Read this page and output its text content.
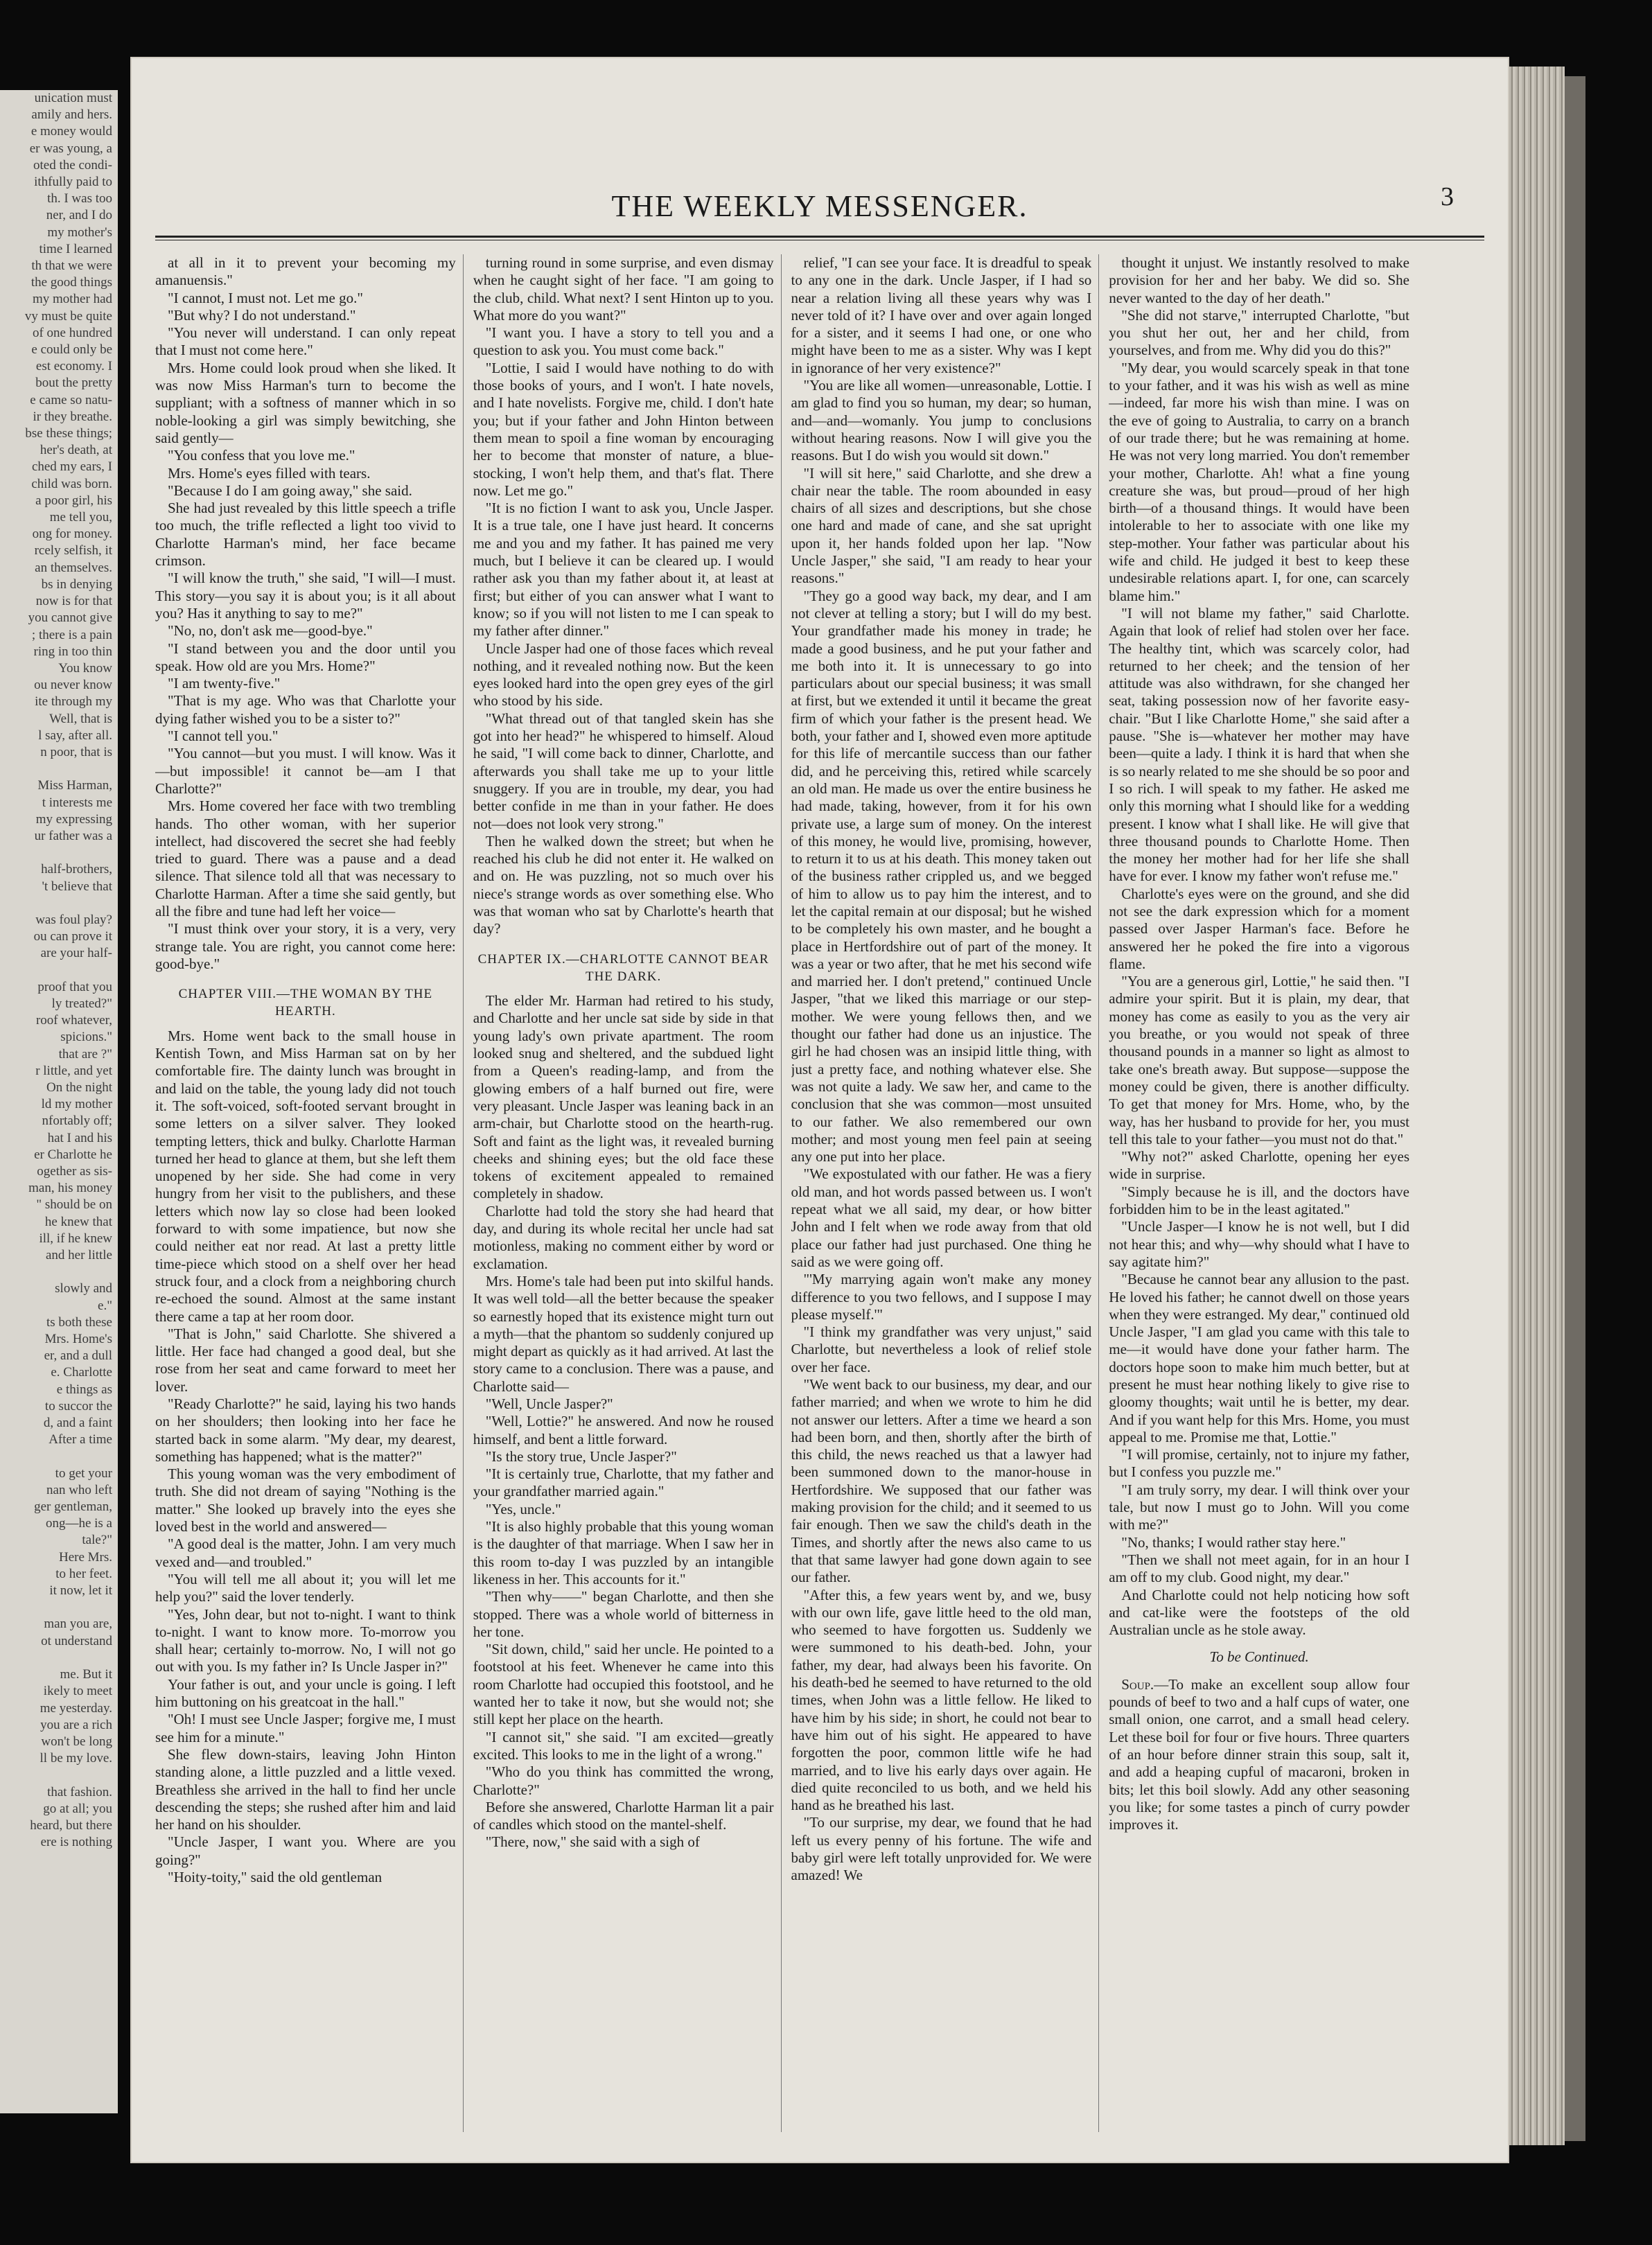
unication must
amily and hers.
e money would
er was young, a
oted the condi-
ithfully paid to
th. I was too
ner, and I do
my mother's
time I learned
th that we were
the good things
my mother had
vy must be quite
of one hundred
e could only be
est economy. I
bout the pretty
e came so natu-
ir they breathe.
bse these things;
her's death, at
ched my ears, I
child was born.
a poor girl, his
me tell you,
ong for money.
rcely selfish, it
an themselves.
bs in denying
now is for that
you cannot give
; there is a pain
ring in too thin
You know
ou never know
ite through my
Well, that is
l say, after all.
n poor, that is

Miss Harman,
t interests me
my expressing
ur father was a

half-brothers,
't believe that

was foul play?
ou can prove it
are your half-

proof that you
ly treated?"
roof whatever,
spicions."
that are ?"
r little, and yet
On the night
ld my mother
nfortably off;
hat I and his
er Charlotte he
ogether as sis-
man, his money
" should be on
he knew that
ill, if he knew
and her little

slowly and
e."
ts both these
Mrs. Home's
er, and a dull
e. Charlotte
e things as
to succor the
d, and a faint
After a time

to get your
nan who left
ger gentleman,
ong—he is a
tale?"
Here Mrs.
to her feet.
it now, let it

man you are,
ot understand

me. But it
ikely to meet
me yesterday.
you are a rich
won't be long
ll be my love.

that fashion.
go at all; you
heard, but there
ere is nothing
THE WEEKLY MESSENGER.	3

at all in it to prevent your becoming my amanuensis."

"I cannot, I must not. Let me go."

"But why? I do not understand."

"You never will understand. I can only repeat that I must not come here."

Mrs. Home could look proud when she liked. It was now Miss Harman's turn to become the suppliant; with a softness of manner which in so noble-looking a girl was simply bewitching, she said gently—

"You confess that you love me."

Mrs. Home's eyes filled with tears.

"Because I do I am going away," she said.

She had just revealed by this little speech a trifle too much, the trifle reflected a light too vivid to Charlotte Harman's mind, her face became crimson.

"I will know the truth," she said, "I will—I must. This story—you say it is about you; is it all about you? Has it anything to say to me?"

"No, no, don't ask me—good-bye."

"I stand between you and the door until you speak. How old are you Mrs. Home?"

"I am twenty-five."

"That is my age. Who was that Charlotte your dying father wished you to be a sister to?"

"I cannot tell you."

"You cannot—but you must. I will know. Was it—but impossible! it cannot be—am I that Charlotte?"

Mrs. Home covered her face with two trembling hands. Tho other woman, with her superior intellect, had discovered the secret she had feebly tried to guard. There was a pause and a dead silence. That silence told all that was necessary to Charlotte Harman. After a time she said gently, but all the fibre and tune had left her voice—

"I must think over your story, it is a very, very strange tale. You are right, you cannot come here: good-bye."

CHAPTER VIII.—THE WOMAN BY THE HEARTH.

Mrs. Home went back to the small house in Kentish Town, and Miss Harman sat on by her comfortable fire. The dainty lunch was brought in and laid on the table, the young lady did not touch it. The soft-voiced, soft-footed servant brought in some letters on a silver salver. They looked tempting letters, thick and bulky. Charlotte Harman turned her head to glance at them, but she left them unopened by her side. She had come in very hungry from her visit to the publishers, and these letters which now lay so close had been looked forward to with some impatience, but now she could neither eat nor read. At last a pretty little time-piece which stood on a shelf over her head struck four, and a clock from a neighboring church re-echoed the sound. Almost at the same instant there came a tap at her room door.

"That is John," said Charlotte. She shivered a little. Her face had changed a good deal, but she rose from her seat and came forward to meet her lover.

"Ready Charlotte?" he said, laying his two hands on her shoulders; then looking into her face he started back in some alarm. "My dear, my dearest, something has happened; what is the matter?"

This young woman was the very embodiment of truth. She did not dream of saying "Nothing is the matter." She looked up bravely into the eyes she loved best in the world and answered—

"A good deal is the matter, John. I am very much vexed and—and troubled."

"You will tell me all about it; you will let me help you?" said the lover tenderly.

"Yes, John dear, but not to-night. I want to think to-night. I want to know more. To-morrow you shall hear; certainly to-morrow. No, I will not go out with you. Is my father in? Is Uncle Jasper in?"

Your father is out, and your uncle is going. I left him buttoning on his greatcoat in the hall."

"Oh! I must see Uncle Jasper; forgive me, I must see him for a minute."

She flew down-stairs, leaving John Hinton standing alone, a little puzzled and a little vexed. Breathless she arrived in the hall to find her uncle descending the steps; she rushed after him and laid her hand on his shoulder.

"Uncle Jasper, I want you. Where are you going?"

"Hoity-toity," said the old gentleman

turning round in some surprise, and even dismay when he caught sight of her face. "I am going to the club, child. What next? I sent Hinton up to you. What more do you want?"

"I want you. I have a story to tell you and a question to ask you. You must come back."

"Lottie, I said I would have nothing to do with those books of yours, and I won't. I hate novels, and I hate novelists. Forgive me, child. I don't hate you; but if your father and John Hinton between them mean to spoil a fine woman by encouraging her to become that monster of nature, a blue-stocking, I won't help them, and that's flat. There now. Let me go."

"It is no fiction I want to ask you, Uncle Jasper. It is a true tale, one I have just heard. It concerns me and you and my father. It has pained me very much, but I believe it can be cleared up. I would rather ask you than my father about it, at least at first; but either of you can answer what I want to know; so if you will not listen to me I can speak to my father after dinner."

Uncle Jasper had one of those faces which reveal nothing, and it revealed nothing now. But the keen eyes looked hard into the open grey eyes of the girl who stood by his side.

"What thread out of that tangled skein has she got into her head?" he whispered to himself. Aloud he said, "I will come back to dinner, Charlotte, and afterwards you shall take me up to your little snuggery. If you are in trouble, my dear, you had better confide in me than in your father. He does not—does not look very strong."

Then he walked down the street; but when he reached his club he did not enter it. He walked on and on. He was puzzling, not so much over his niece's strange words as over something else. Who was that woman who sat by Charlotte's hearth that day?

CHAPTER IX.—CHARLOTTE CANNOT BEAR THE DARK.

The elder Mr. Harman had retired to his study, and Charlotte and her uncle sat side by side in that young lady's own private apartment. The room looked snug and sheltered, and the subdued light from a Queen's reading-lamp, and from the glowing embers of a half burned out fire, were very pleasant. Uncle Jasper was leaning back in an arm-chair, but Charlotte stood on the hearth-rug. Soft and faint as the light was, it revealed burning cheeks and shining eyes; but the old face these tokens of excitement appealed to remained completely in shadow.

Charlotte had told the story she had heard that day, and during its whole recital her uncle had sat motionless, making no comment either by word or exclamation.

Mrs. Home's tale had been put into skilful hands. It was well told—all the better because the speaker so earnestly hoped that its existence might turn out a myth—that the phantom so suddenly conjured up might depart as quickly as it had arrived. At last the story came to a conclusion. There was a pause, and Charlotte said—

"Well, Uncle Jasper?"

"Well, Lottie?" he answered. And now he roused himself, and bent a little forward.

"Is the story true, Uncle Jasper?"

"It is certainly true, Charlotte, that my father and your grandfather married again."

"Yes, uncle."

"It is also highly probable that this young woman is the daughter of that marriage. When I saw her in this room to-day I was puzzled by an intangible likeness in her. This accounts for it."

"Then why——" began Charlotte, and then she stopped. There was a whole world of bitterness in her tone.

"Sit down, child," said her uncle. He pointed to a footstool at his feet. Whenever he came into this room Charlotte had occupied this footstool, and he wanted her to take it now, but she would not; she still kept her place on the hearth.

"I cannot sit," she said. "I am excited—greatly excited. This looks to me in the light of a wrong."

"Who do you think has committed the wrong, Charlotte?"

Before she answered, Charlotte Harman lit a pair of candles which stood on the mantel-shelf.

"There, now," she said with a sigh of

relief, "I can see your face. It is dreadful to speak to any one in the dark. Uncle Jasper, if I had so near a relation living all these years why was I never told of it? I have over and over again longed for a sister, and it seems I had one, or one who might have been to me as a sister. Why was I kept in ignorance of her very existence?"

"You are like all women—unreasonable, Lottie. I am glad to find you so human, my dear; so human, and—and—womanly. You jump to conclusions without hearing reasons. Now I will give you the reasons. But I do wish you would sit down."

"I will sit here," said Charlotte, and she drew a chair near the table. The room abounded in easy chairs of all sizes and descriptions, but she chose one hard and made of cane, and she sat upright upon it, her hands folded upon her lap. "Now Uncle Jasper," she said, "I am ready to hear your reasons."

"They go a good way back, my dear, and I am not clever at telling a story; but I will do my best. Your grandfather made his money in trade; he made a good business, and he put your father and me both into it. It is unnecessary to go into particulars about our special business; it was small at first, but we extended it until it became the great firm of which your father is the present head. We both, your father and I, showed even more aptitude for this life of mercantile success than our father did, and he perceiving this, retired while scarcely an old man. He made us over the entire business he had made, taking, however, from it for his own private use, a large sum of money. On the interest of this money, he would live, promising, however, to return it to us at his death. This money taken out of the business rather crippled us, and we begged of him to allow us to pay him the interest, and to let the capital remain at our disposal; but he wished to be completely his own master, and he bought a place in Hertfordshire out of part of the money. It was a year or two after, that he met his second wife and married her. I don't pretend," continued Uncle Jasper, "that we liked this marriage or our step-mother. We were young fellows then, and we thought our father had done us an injustice. The girl he had chosen was an insipid little thing, with just a pretty face, and nothing whatever else. She was not quite a lady. We saw her, and came to the conclusion that she was common—most unsuited to our father. We also remembered our own mother; and most young men feel pain at seeing any one put into her place.

"We expostulated with our father. He was a fiery old man, and hot words passed between us. I won't repeat what we all said, my dear, or how bitter John and I felt when we rode away from that old place our father had just purchased. One thing he said as we were going off.

"'My marrying again won't make any money difference to you two fellows, and I suppose I may please myself.'"

"I think my grandfather was very unjust," said Charlotte, but nevertheless a look of relief stole over her face.

"We went back to our business, my dear, and our father married; and when we wrote to him he did not answer our letters. After a time we heard a son had been born, and then, shortly after the birth of this child, the news reached us that a lawyer had been summoned down to the manor-house in Hertfordshire. We supposed that our father was making provision for the child; and it seemed to us fair enough. Then we saw the child's death in the Times, and shortly after the news also came to us that that same lawyer had gone down again to see our father.

"After this, a few years went by, and we, busy with our own life, gave little heed to the old man, who seemed to have forgotten us. Suddenly we were summoned to his death-bed. John, your father, my dear, had always been his favorite. On his death-bed he seemed to have returned to the old times, when John was a little fellow. He liked to have him by his side; in short, he could not bear to have him out of his sight. He appeared to have forgotten the poor, common little wife he had married, and to live his early days over again. He died quite reconciled to us both, and we held his hand as he breathed his last.

"To our surprise, my dear, we found that he had left us every penny of his fortune. The wife and baby girl were left totally unprovided for. We were amazed! We

thought it unjust. We instantly resolved to make provision for her and her baby. We did so. She never wanted to the day of her death."

"She did not starve," interrupted Charlotte, "but you shut her out, her and her child, from yourselves, and from me. Why did you do this?"

"My dear, you would scarcely speak in that tone to your father, and it was his wish as well as mine—indeed, far more his wish than mine. I was on the eve of going to Australia, to carry on a branch of our trade there; but he was remaining at home. He was not very long married. You don't remember your mother, Charlotte. Ah! what a fine young creature she was, but proud—proud of her high birth—of a thousand things. It would have been intolerable to her to associate with one like my step-mother. Your father was particular about his wife and child. He judged it best to keep these undesirable relations apart. I, for one, can scarcely blame him."

"I will not blame my father," said Charlotte. Again that look of relief had stolen over her face. The healthy tint, which was scarcely color, had returned to her cheek; and the tension of her attitude was also withdrawn, for she changed her seat, taking possession now of her favorite easy-chair. "But I like Charlotte Home," she said after a pause. "She is—whatever her mother may have been—quite a lady. I think it is hard that when she is so nearly related to me she should be so poor and I so rich. I will speak to my father. He asked me only this morning what I should like for a wedding present. I know what I shall like. He will give that three thousand pounds to Charlotte Home. Then the money her mother had for her life she shall have for ever. I know my father won't refuse me."

Charlotte's eyes were on the ground, and she did not see the dark expression which for a moment passed over Jasper Harman's face. Before he answered her he poked the fire into a vigorous flame.

"You are a generous girl, Lottie," he said then. "I admire your spirit. But it is plain, my dear, that money has come as easily to you as the very air you breathe, or you would not speak of three thousand pounds in a manner so light as almost to take one's breath away. But suppose—suppose the money could be given, there is another difficulty. To get that money for Mrs. Home, who, by the way, has her husband to provide for her, you must tell this tale to your father—you must not do that."

"Why not?" asked Charlotte, opening her eyes wide in surprise.

"Simply because he is ill, and the doctors have forbidden him to be in the least agitated."

"Uncle Jasper—I know he is not well, but I did not hear this; and why—why should what I have to say agitate him?"

"Because he cannot bear any allusion to the past. He loved his father; he cannot dwell on those years when they were estranged. My dear," continued old Uncle Jasper, "I am glad you came with this tale to me—it would have done your father harm. The doctors hope soon to make him much better, but at present he must hear nothing likely to give rise to gloomy thoughts; wait until he is better, my dear. And if you want help for this Mrs. Home, you must appeal to me. Promise me that, Lottie."

"I will promise, certainly, not to injure my father, but I confess you puzzle me."

"I am truly sorry, my dear. I will think over your tale, but now I must go to John. Will you come with me?"

"No, thanks; I would rather stay here."

"Then we shall not meet again, for in an hour I am off to my club. Good night, my dear."

And Charlotte could not help noticing how soft and cat-like were the footsteps of the old Australian uncle as he stole away.

To be Continued.

Soup.—To make an excellent soup allow four pounds of beef to two and a half cups of water, one small onion, one carrot, and a small head celery. Let these boil for four or five hours. Three quarters of an hour before dinner strain this soup, salt it, and add a heaping cupful of macaroni, broken in bits; let this boil slowly. Add any other seasoning you like; for some tastes a pinch of curry powder improves it.
